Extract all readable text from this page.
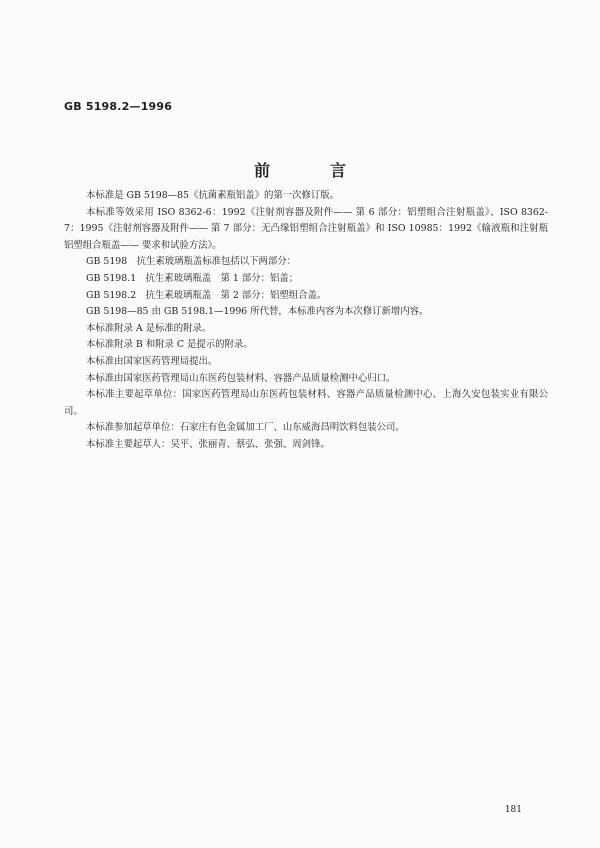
GB 5198.2—1996
前　言

本标准是 GB 5198—85《抗菌素瓶铝盖》的第一次修订版。

本标准等效采用 ISO 8362-6：1992《注射剂容器及附件—— 第 6 部分：铝塑组合注射瓶盖》、ISO 8362-7：1995《注射剂容器及附件—— 第 7 部分：无凸缘铝塑组合注射瓶盖》和 ISO 10985：1992《输液瓶和注射瓶铝塑组合瓶盖—— 要求和试验方法》。

GB 5198　抗生素玻璃瓶盖标准包括以下两部分：

GB 5198.1　抗生素玻璃瓶盖　第 1 部分：铝盖；

GB 5198.2　抗生素玻璃瓶盖　第 2 部分：铝塑组合盖。

GB 5198—85 由 GB 5198.1—1996 所代替，本标准内容为本次修订新增内容。

本标准附录 A 是标准的附录。

本标准附录 B 和附录 C 是提示的附录。

本标准由国家医药管理局提出。

本标准由国家医药管理局山东医药包装材料、容器产品质量检测中心归口。

本标准主要起草单位：国家医药管理局山东医药包装材料、容器产品质量检测中心、上海久安包装实业有限公司。

本标准参加起草单位：石家庄有色金属加工厂、山东威海昌明饮料包装公司。

本标准主要起草人：吴平、张丽青、蔡弘、张强、周剑锋。

181
